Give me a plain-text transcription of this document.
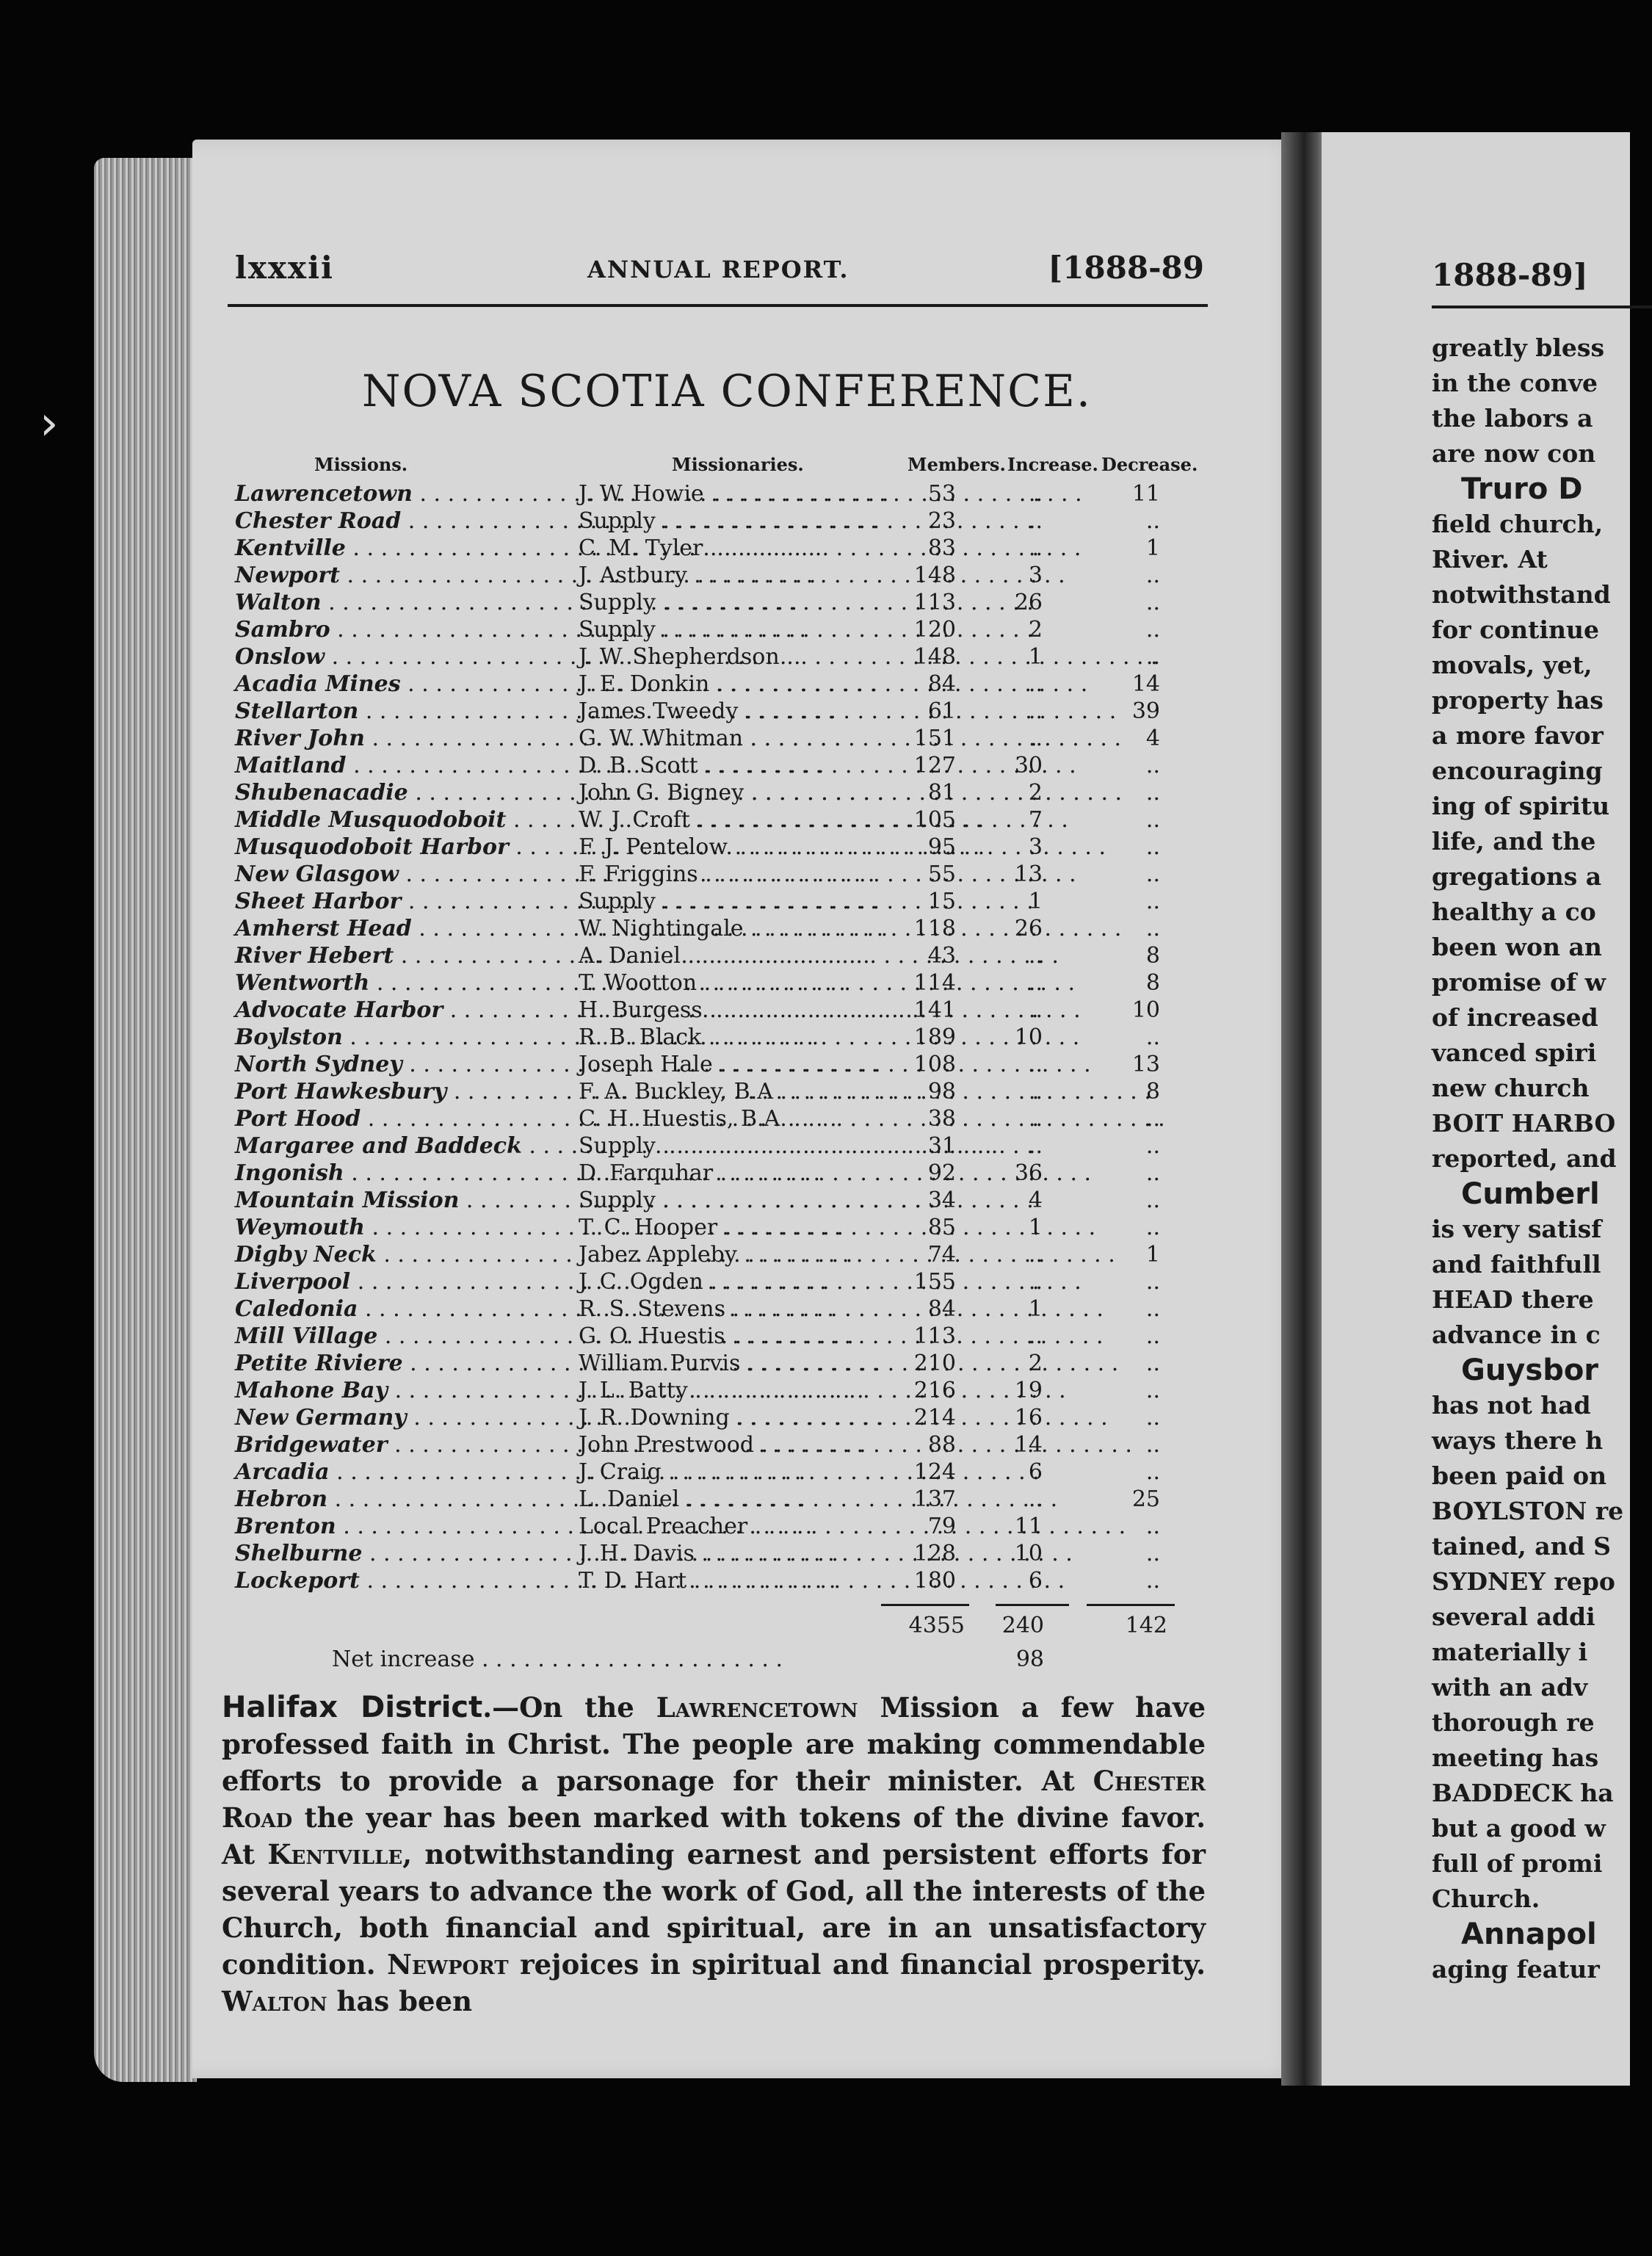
›
1888-89]
greatly bless
in the conve
the labors a
are now con
Truro D
field church,
River. At
notwithstand
for continue
movals, yet,
property has
a more favor
encouraging
ing of spiritu
life, and the
gregations a
healthy a co
been won an
promise of w
of increased
vanced spiri
new church
BOIT HARBO
reported, and
Cumberl
is very satisf
and faithfull
HEAD there
advance in c
Guysbor
has not had
ways there h
been paid on
BOYLSTON re
tained, and S
SYDNEY repo
several addi
materially i
with an adv
thorough re
meeting has
BADDECK ha
but a good w
full of promi
Church.
Annapol
aging featur
lxxxii	ANNUAL REPORT.	[1888-89
NOVA SCOTIA CONFERENCE.
Missions.	Missionaries.	Members. Increase. Decrease.
Lawrencetown . . .	J. W. Howie . . .	53	..	11
Chester Road . . .	Supply . . .	23	..	..
Kentville . . .	C. M. Tyler . . .	83	..	1
Newport . . .	J. Astbury . . .	148	3	..
Walton . . .	Supply . . .	113	26	..
Sambro . . .	Supply . . .	120	2	..
Onslow . . .	J. W. Shepherdson . . .	148	1	..
Acadia Mines . . .	J. E. Donkin . . .	84	..	14
Stellarton . . .	James Tweedy . . .	61	..	39
River John . . .	G. W. Whitman . . .	151	..	4
Maitland . . .	D. B. Scott . . .	127	30	..
Shubenacadie . . .	John G. Bigney . . .	81	2	..
Middle Musquodoboit . . .	W. J. Croft . . .	105	7	..
Musquodoboit Harbor . . .	F. J. Pentelow . . .	95	3	..
New Glasgow . . .	F. Friggins . . .	55	13	..
Sheet Harbor . . .	Supply . . .	15	1	..
Amherst Head . . .	W. Nightingale . . .	118	26	..
River Hebert . . .	A. Daniel . . .	43	..	8
Wentworth . . .	T. Wootton . . .	114	..	8
Advocate Harbor . . .	H. Burgess . . .	141	..	10
Boylston . . .	R. B. Black . . .	189	10	..
North Sydney . . .	Joseph Hale . . .	108	..	13
Port Hawkesbury . . .	F. A. Buckley, B.A . . .	98	..	8
Port Hood . . .	C. H. Huestis, B.A. . . .	38	..	..
Margaree and Baddeck . . .	Supply . . .	31	..	..
Ingonish . . .	D. Farquhar . . .	92	36	..
Mountain Mission . . .	Supply . . .	34	4	..
Weymouth . . .	T. C. Hooper . . .	85	1	..
Digby Neck . . .	Jabez Appleby . . .	74	..	1
Liverpool . . .	J. C. Ogden . . .	155	..	..
Caledonia . . .	R. S. Stevens . . .	84	1	..
Mill Village . . .	G. O. Huestis . . .	113	..	..
Petite Riviere . . .	William Purvis . . .	210	2	..
Mahone Bay . . .	J. L. Batty . . .	216	19	..
New Germany . . .	J. R. Downing . . .	214	16	..
Bridgewater . . .	John Prestwood . . .	88	14	..
Arcadia . . .	J. Craig . . .	124	6	..
Hebron . . .	L. Daniel . . .	137	..	25
Brenton . . .	Local Preacher . . .	79	11	..
Shelburne . . .	J. H. Davis . . .	128	10	..
Lockeport . . .	T. D. Hart . . .	180	6	..
4355	240	142
Net increase . . .	98
Halifax District.—On the Lawrencetown Mission a few have professed faith in Christ. The people are making commendable efforts to provide a parsonage for their minister. At Chester Road the year has been marked with tokens of the divine favor. At Kentville, notwithstanding earnest and persistent efforts for several years to advance the work of God, all the interests of the Church, both financial and spiritual, are in an unsatisfactory condition. Newport rejoices in spiritual and financial prosperity. Walton has been
